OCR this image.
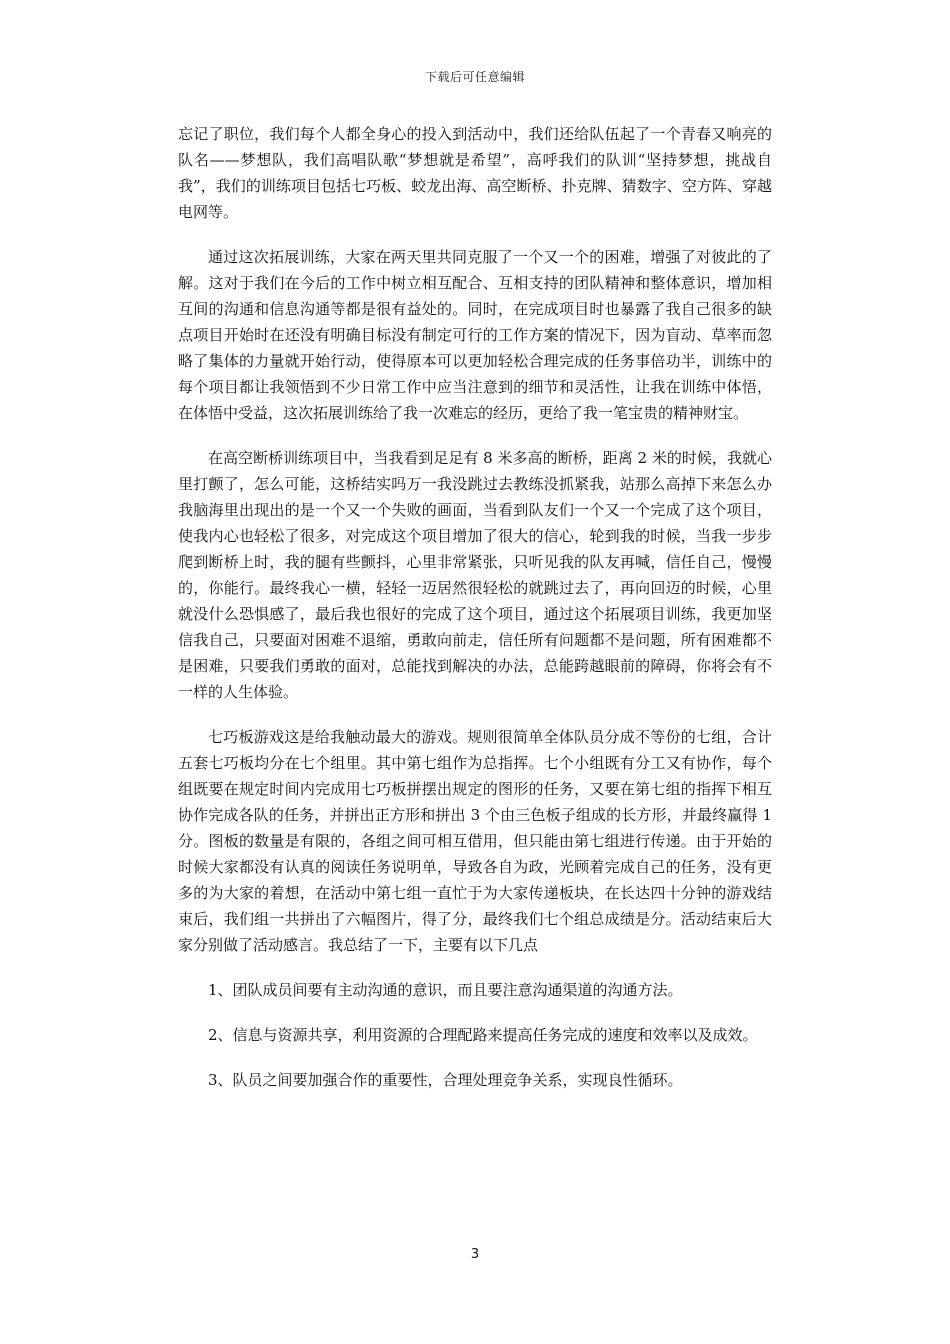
下载后可任意编辑

忘记了职位，我们每个人都全身心的投入到活动中，我们还给队伍起了一个青春又响亮的队名——梦想队，我们高唱队歌“梦想就是希望”，高呼我们的队训“坚持梦想，挑战自我”，我们的训练项目包括七巧板、蛟龙出海、高空断桥、扑克牌、猜数字、空方阵、穿越电网等。

通过这次拓展训练，大家在两天里共同克服了一个又一个的困难，增强了对彼此的了解。这对于我们在今后的工作中树立相互配合、互相支持的团队精神和整体意识，增加相互间的沟通和信息沟通等都是很有益处的。同时，在完成项目时也暴露了我自己很多的缺点项目开始时在还没有明确目标没有制定可行的工作方案的情况下，因为盲动、草率而忽略了集体的力量就开始行动，使得原本可以更加轻松合理完成的任务事倍功半，训练中的每个项目都让我领悟到不少日常工作中应当注意到的细节和灵活性，让我在训练中体悟，在体悟中受益，这次拓展训练给了我一次难忘的经历，更给了我一笔宝贵的精神财宝。

在高空断桥训练项目中，当我看到足足有 8 米多高的断桥，距离 2 米的时候，我就心里打颤了，怎么可能，这桥结实吗万一我没跳过去教练没抓紧我，站那么高掉下来怎么办我脑海里出现出的是一个又一个失败的画面，当看到队友们一个又一个完成了这个项目，使我内心也轻松了很多，对完成这个项目增加了很大的信心，轮到我的时候，当我一步步爬到断桥上时，我的腿有些颤抖，心里非常紧张，只听见我的队友再喊，信任自己，慢慢的，你能行。最终我心一横，轻轻一迈居然很轻松的就跳过去了，再向回迈的时候，心里就没什么恐惧感了，最后我也很好的完成了这个项目，通过这个拓展项目训练，我更加坚信我自己，只要面对困难不退缩，勇敢向前走，信任所有问题都不是问题，所有困难都不是困难，只要我们勇敢的面对，总能找到解决的办法，总能跨越眼前的障碍，你将会有不一样的人生体验。

七巧板游戏这是给我触动最大的游戏。规则很简单全体队员分成不等份的七组，合计五套七巧板均分在七个组里。其中第七组作为总指挥。七个小组既有分工又有协作，每个组既要在规定时间内完成用七巧板拼摆出规定的图形的任务，又要在第七组的指挥下相互协作完成各队的任务，并拼出正方形和拼出 3 个由三色板子组成的长方形，并最终赢得 1 分。图板的数量是有限的，各组之间可相互借用，但只能由第七组进行传递。由于开始的时候大家都没有认真的阅读任务说明单，导致各自为政，光顾着完成自己的任务，没有更多的为大家的着想，在活动中第七组一直忙于为大家传递板块，在长达四十分钟的游戏结束后，我们组一共拼出了六幅图片，得了分，最终我们七个组总成绩是分。活动结束后大家分别做了活动感言。我总结了一下，主要有以下几点

1、团队成员间要有主动沟通的意识，而且要注意沟通渠道的沟通方法。

2、信息与资源共享，利用资源的合理配路来提高任务完成的速度和效率以及成效。

3、队员之间要加强合作的重要性，合理处理竞争关系，实现良性循环。

3
